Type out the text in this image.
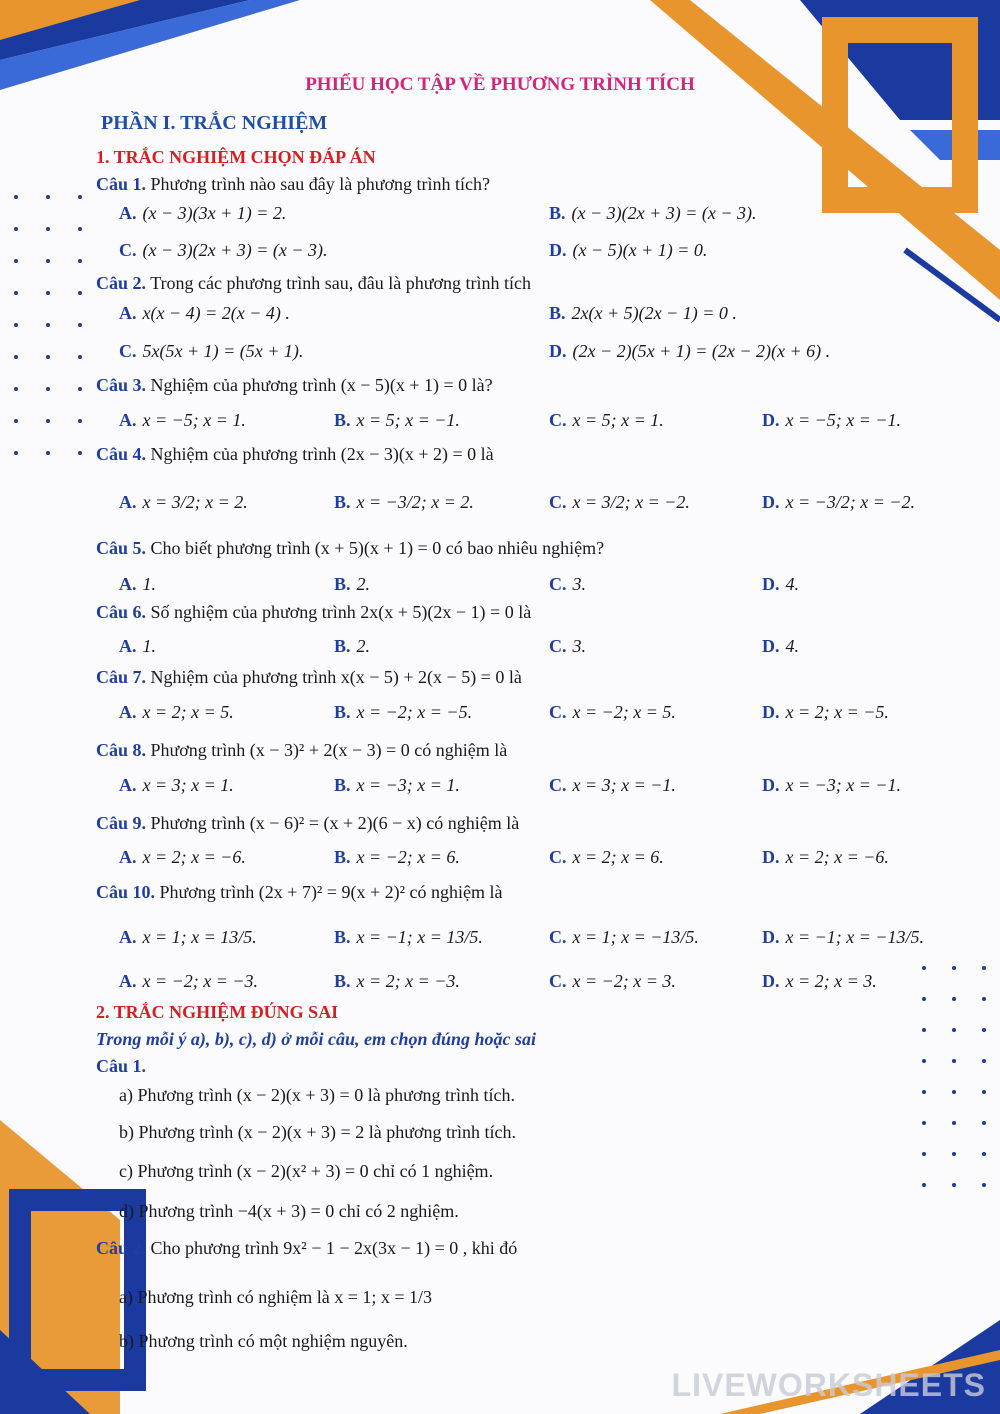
PHIẾU HỌC TẬP VỀ PHƯƠNG TRÌNH TÍCH
PHẦN I. TRẮC NGHIỆM
1. TRẮC NGHIỆM CHỌN ĐÁP ÁN
Câu 1. Phương trình nào sau đây là phương trình tích?
A. (x − 3)(3x + 1) = 2.	B. (x − 3)(2x + 3) = (x − 3).
C. (x − 3)(2x + 3) = (x − 3).	D. (x − 5)(x + 1) = 0.
Câu 2. Trong các phương trình sau, đâu là phương trình tích
A. x(x − 4) = 2(x − 4) .	B. 2x(x + 5)(2x − 1) = 0 .
C. 5x(5x + 1) = (5x + 1).	D. (2x − 2)(5x + 1) = (2x − 2)(x + 6) .
Câu 3. Nghiệm của phương trình (x − 5)(x + 1) = 0 là?
A. x = −5; x = 1.	B. x = 5; x = −1.	C. x = 5; x = 1.	D. x = −5; x = −1.
Câu 4. Nghiệm của phương trình (2x − 3)(x + 2) = 0 là
A. x = 3/2; x = 2.	B. x = −3/2; x = 2.	C. x = 3/2; x = −2.	D. x = −3/2; x = −2.
Câu 5. Cho biết phương trình (x + 5)(x + 1) = 0 có bao nhiêu nghiệm?
A. 1.	B. 2.	C. 3.	D. 4.
Câu 6. Số nghiệm của phương trình 2x(x + 5)(2x − 1) = 0 là
A. 1.	B. 2.	C. 3.	D. 4.
Câu 7. Nghiệm của phương trình x(x − 5) + 2(x − 5) = 0 là
A. x = 2; x = 5.	B. x = −2; x = −5.	C. x = −2; x = 5.	D. x = 2; x = −5.
Câu 8. Phương trình (x − 3)² + 2(x − 3) = 0 có nghiệm là
A. x = 3; x = 1.	B. x = −3; x = 1.	C. x = 3; x = −1.	D. x = −3; x = −1.
Câu 9. Phương trình (x − 6)² = (x + 2)(6 − x) có nghiệm là
A. x = 2; x = −6.	B. x = −2; x = 6.	C. x = 2; x = 6.	D. x = 2; x = −6.
Câu 10. Phương trình (2x + 7)² = 9(x + 2)² có nghiệm là
A. x = 1; x = 13/5.	B. x = −1; x = 13/5.	C. x = 1; x = −13/5.	D. x = −1; x = −13/5.
A. x = −2; x = −3.	B. x = 2; x = −3.	C. x = −2; x = 3.	D. x = 2; x = 3.
2. TRẮC NGHIỆM ĐÚNG SAI
Trong mỗi ý a), b), c), d) ở mỗi câu, em chọn đúng hoặc sai
Câu 1.
a) Phương trình (x − 2)(x + 3) = 0 là phương trình tích.
b) Phương trình (x − 2)(x + 3) = 2 là phương trình tích.
c) Phương trình (x − 2)(x² + 3) = 0 chỉ có 1 nghiệm.
d) Phương trình −4(x + 3) = 0 chỉ có 2 nghiệm.
Câu 2. Cho phương trình 9x² − 1 − 2x(3x − 1) = 0 , khi đó
a) Phương trình có nghiệm là x = 1; x = 1/3
b) Phương trình có một nghiệm nguyên.
LIVEWORKSHEETS
